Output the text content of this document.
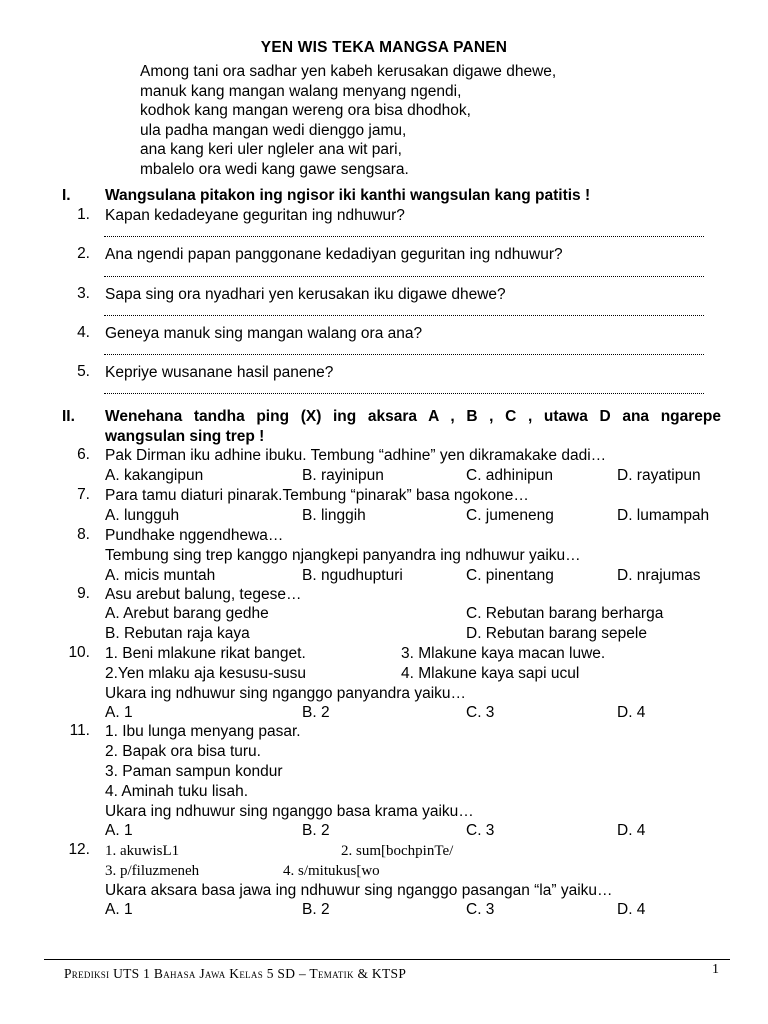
YEN WIS TEKA MANGSA PANEN
Among tani ora sadhar yen kabeh kerusakan digawe dhewe,
manuk kang mangan walang menyang ngendi,
kodhok kang mangan wereng ora bisa dhodhok,
ula padha mangan wedi dienggo jamu,
ana kang keri uler ngleler ana wit pari,
mbalelo ora wedi kang gawe sengsara.
I. Wangsulana pitakon ing ngisor iki kanthi wangsulan kang patitis !
1. Kapan kedadeyane geguritan ing ndhuwur?
2. Ana ngendi papan panggonane kedadiyan geguritan ing ndhuwur?
3. Sapa sing ora nyadhari yen kerusakan iku digawe dhewe?
4. Geneya manuk sing mangan walang ora ana?
5. Kepriye wusanane hasil panene?
II. Wenehana tandha ping (X) ing aksara A , B , C , utawa D ana ngarepe
wangsulan sing trep !
6. Pak Dirman iku adhine ibuku. Tembung “adhine” yen dikramakake dadi…
A. kakangipun	B. rayinipun	C. adhinipun	D. rayatipun
7. Para tamu diaturi pinarak.Tembung “pinarak” basa ngokone…
A. lungguh	B. linggih	C. jumeneng	D. lumampah
8. Pundhake nggendhewa…
Tembung sing trep kanggo njangkepi panyandra ing ndhuwur yaiku…
A. micis muntah	B. ngudhupturi	C. pinentang	D. nrajumas
9. Asu arebut balung, tegese…
A. Arebut barang gedhe	C. Rebutan barang berharga
B. Rebutan raja kaya	D. Rebutan barang sepele
10. 1. Beni mlakune rikat banget.	3. Mlakune kaya macan luwe.
2.Yen mlaku aja kesusu-susu	4. Mlakune kaya sapi ucul
Ukara ing ndhuwur sing nganggo panyandra yaiku…
A. 1	B. 2	C. 3	D. 4
11. 1. Ibu lunga menyang pasar.
2. Bapak ora bisa turu.
3. Paman sampun kondur
4. Aminah tuku lisah.
Ukara ing ndhuwur sing nganggo basa krama yaiku…
A. 1	B. 2	C. 3	D. 4
12. 1. akuwisL1	2. sum[bochpinTe/
3. p/filuzmeneh	4. s/mitukus[wo
Ukara aksara basa jawa ing ndhuwur sing nganggo pasangan “la” yaiku…
A. 1	B. 2	C. 3	D. 4
Prediksi UTS 1 Bahasa Jawa Kelas 5 SD – Tematik & KTSP	1
